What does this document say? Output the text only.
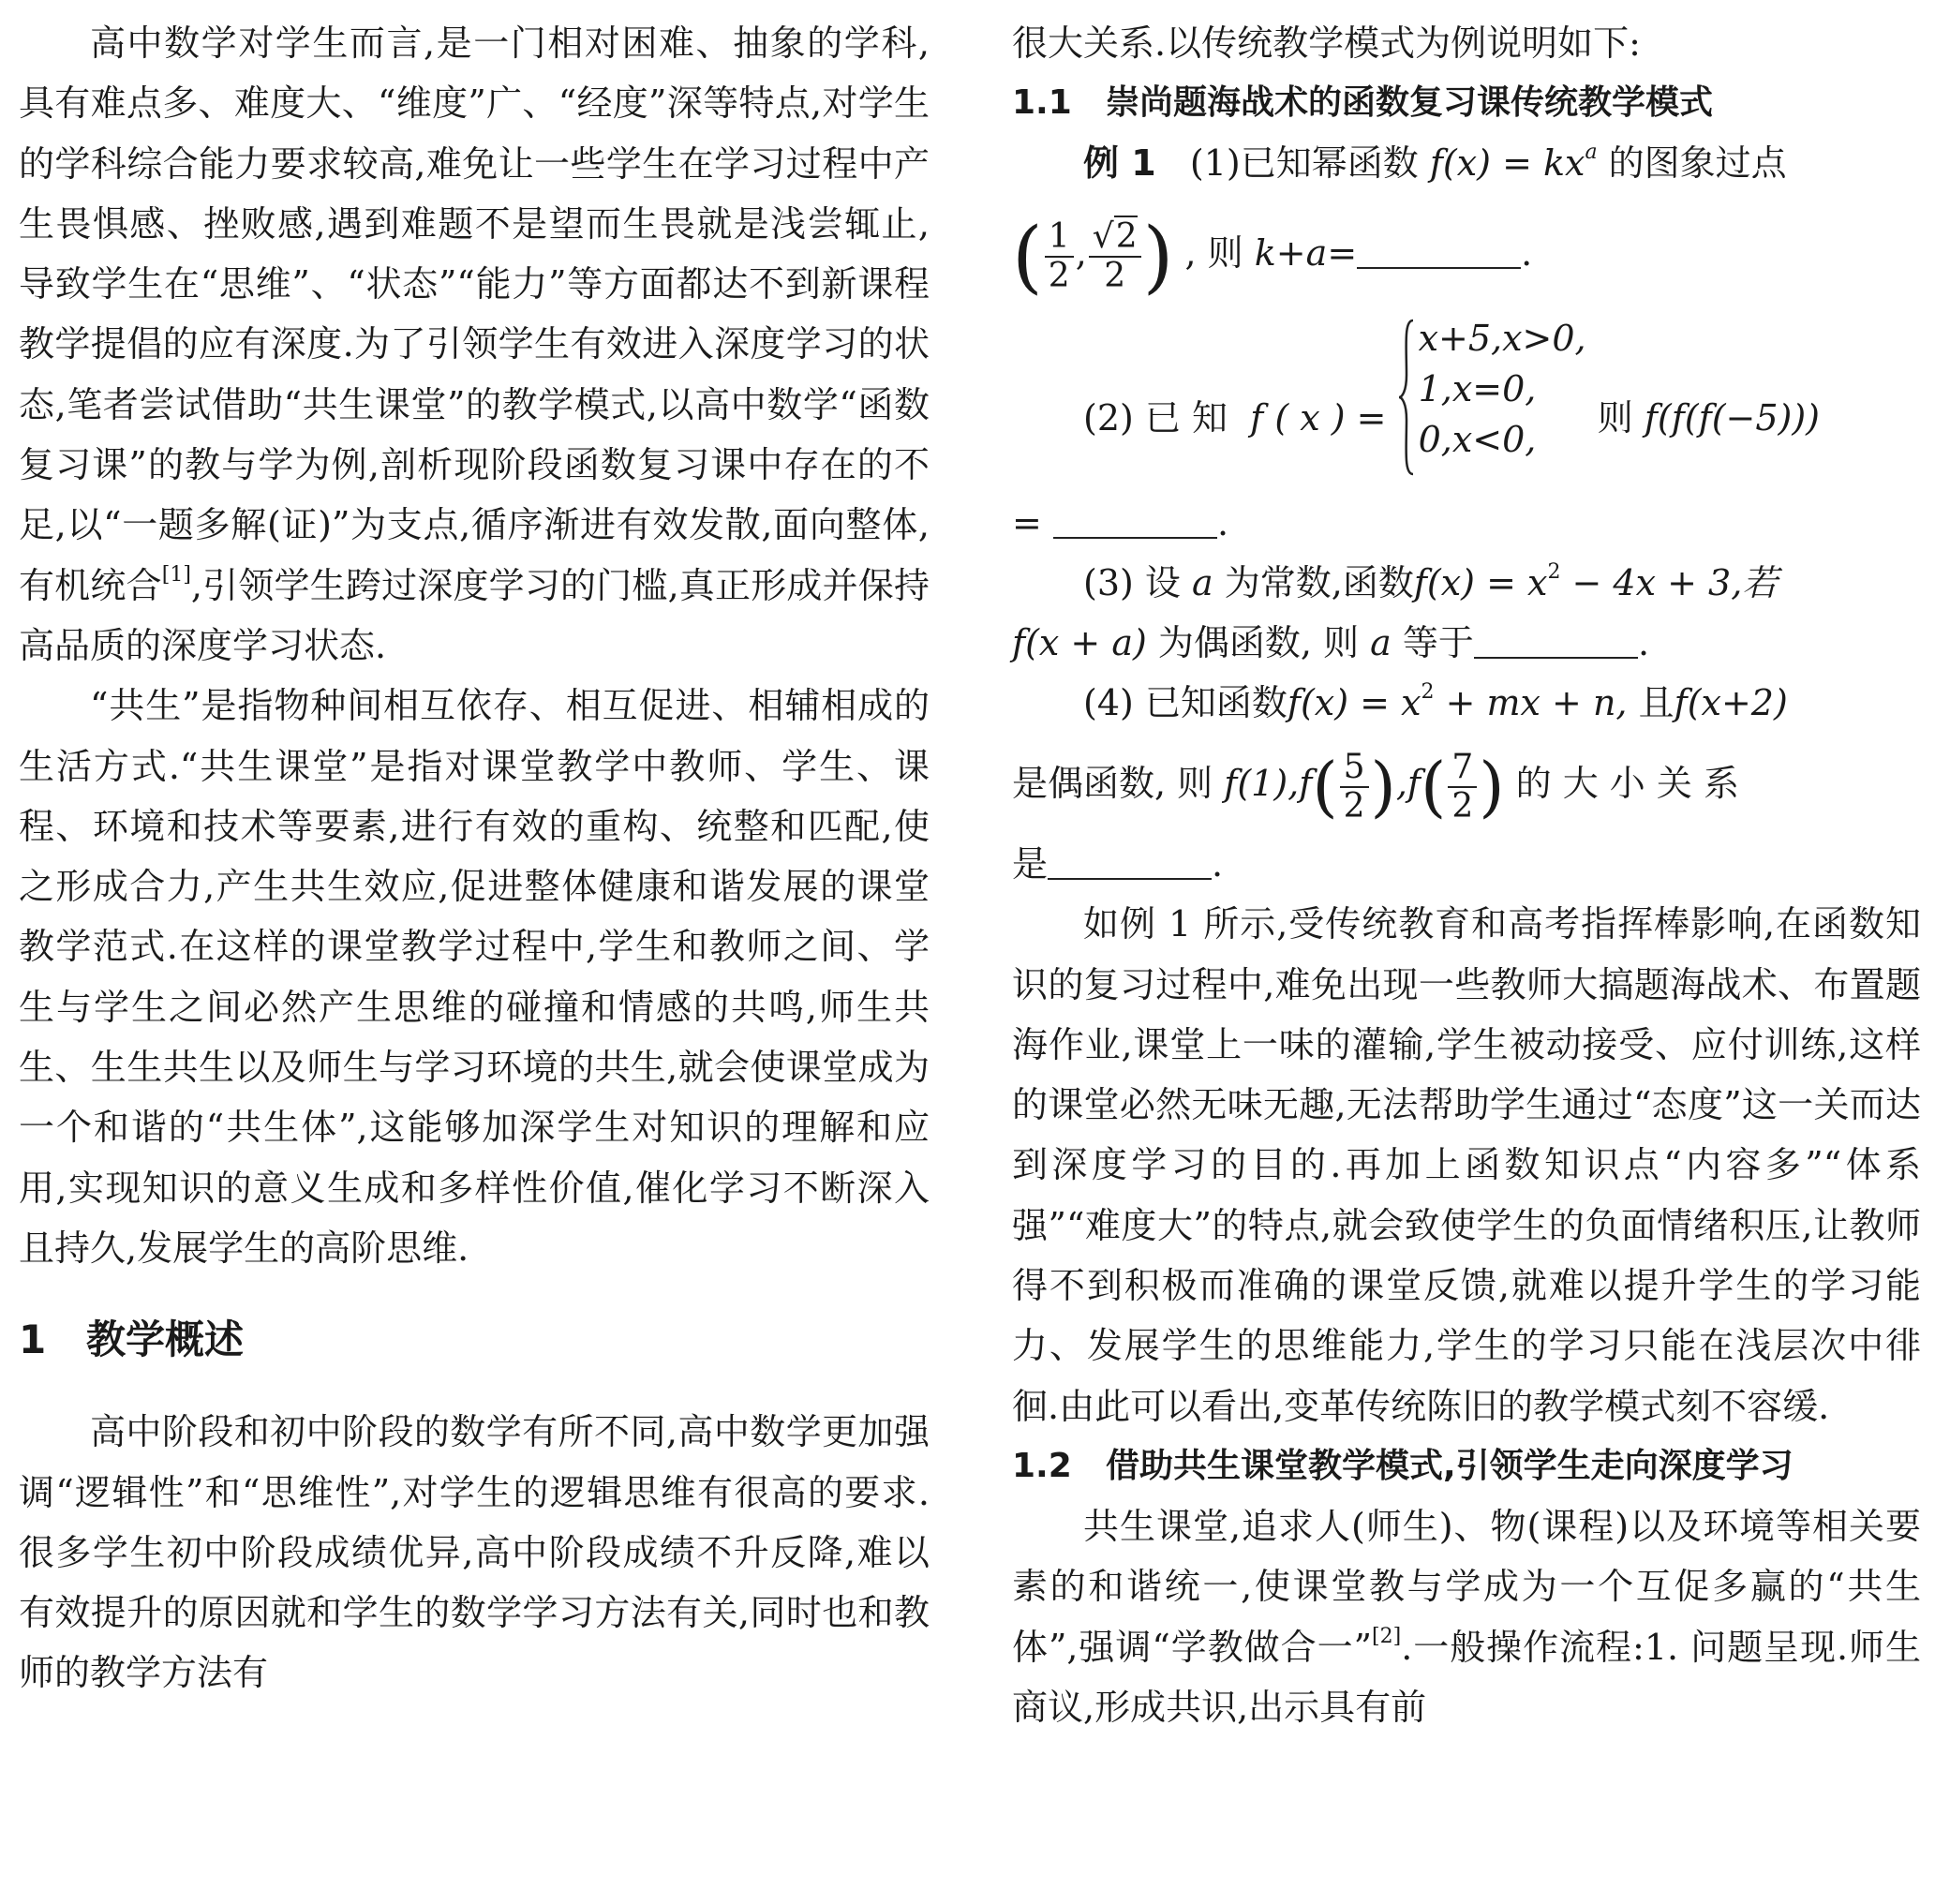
高中数学对学生而言,是一门相对困难、抽象的学科,具有难点多、难度大、“维度”广、“经度”深等特点,对学生的学科综合能力要求较高,难免让一些学生在学习过程中产生畏惧感、挫败感,遇到难题不是望而生畏就是浅尝辄止,导致学生在“思维”、“状态”“能力”等方面都达不到新课程教学提倡的应有深度.为了引领学生有效进入深度学习的状态,笔者尝试借助“共生课堂”的教学模式,以高中数学“函数复习课”的教与学为例,剖析现阶段函数复习课中存在的不足,以“一题多解(证)”为支点,循序渐进有效发散,面向整体,有机统合[1],引领学生跨过深度学习的门槛,真正形成并保持高品质的深度学习状态.

“共生”是指物种间相互依存、相互促进、相辅相成的生活方式.“共生课堂”是指对课堂教学中教师、学生、课程、环境和技术等要素,进行有效的重构、统整和匹配,使之形成合力,产生共生效应,促进整体健康和谐发展的课堂教学范式.在这样的课堂教学过程中,学生和教师之间、学生与学生之间必然产生思维的碰撞和情感的共鸣,师生共生、生生共生以及师生与学习环境的共生,就会使课堂成为一个和谐的“共生体”,这能够加深学生对知识的理解和应用,实现知识的意义生成和多样性价值,催化学习不断深入且持久,发展学生的高阶思维.

1 教学概述

高中阶段和初中阶段的数学有所不同,高中数学更加强调“逻辑性”和“思维性”,对学生的逻辑思维有很高的要求.很多学生初中阶段成绩优异,高中阶段成绩不升反降,难以有效提升的原因就和学生的数学学习方法有关,同时也和教师的教学方法有

很大关系.以传统教学模式为例说明如下:

1.1 崇尚题海战术的函数复习课传统教学模式
例 1 (1)已知幂函数 $f(x) = kx^a$ 的图象过点
( $\frac{1}{2}$ , $\frac{√2}{2}$ ) , 则 k+a=	.
(2) 已 知 f ( x ) =
x+5,x>0,
1,x=0,
0,x<0,
则 f(f(f(−5)))
=	.
(3) 设 a 为常数,函数$f(x) = x^2 - 4x + 3$,若
f(x + a) 为偶函数, 则 a 等于	.
(4) 已知函数$f(x) = x^2$ + mx + n, 且f(x+2)
是偶函数, 则 $f(1),f( \frac{5}{2} ),f( \frac{7}{2}$ ) 的 大 小 关 系
是	.

如例 1 所示,受传统教育和高考指挥棒影响,在函数知识的复习过程中,难免出现一些教师大搞题海战术、布置题海作业,课堂上一味的灌输,学生被动接受、应付训练,这样的课堂必然无味无趣,无法帮助学生通过“态度”这一关而达到深度学习的目的.再加上函数知识点“内容多”“体系强”“难度大”的特点,就会致使学生的负面情绪积压,让教师得不到积极而准确的课堂反馈,就难以提升学生的学习能力、发展学生的思维能力,学生的学习只能在浅层次中徘徊.由此可以看出,变革传统陈旧的教学模式刻不容缓.

1.2 借助共生课堂教学模式,引领学生走向深度学习

共生课堂,追求人(师生)、物(课程)以及环境等相关要素的和谐统一,使课堂教与学成为一个互促多赢的“共生体”,强调“学教做合一”[2].一般操作流程:1. 问题呈现.师生商议,形成共识,出示具有前
